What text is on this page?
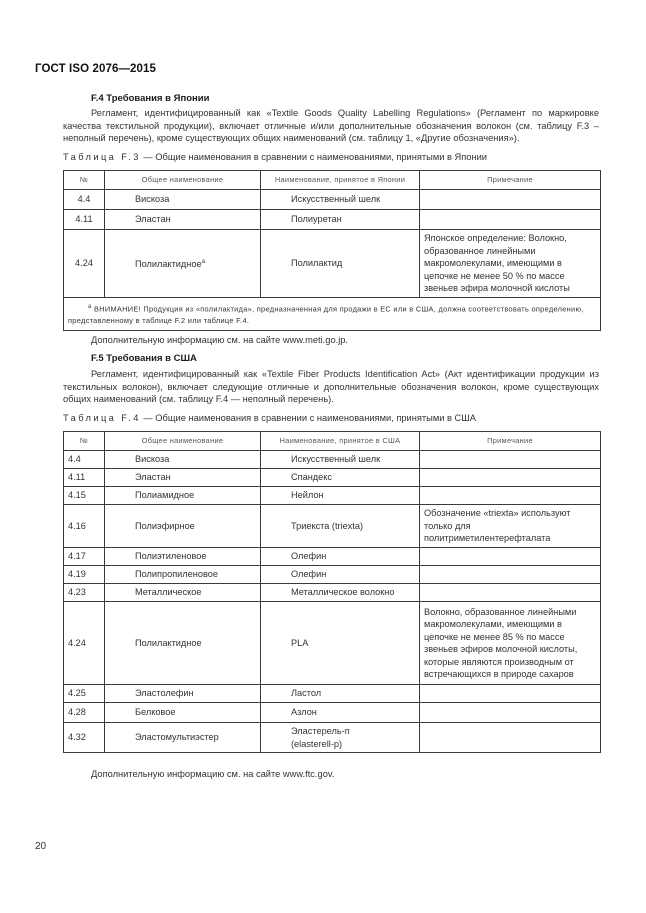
ГОСТ ISO 2076—2015
F.4 Требования в Японии
Регламент, идентифицированный как «Textile Goods Quality Labelling Regulations» (Регламент по маркировке качества текстильной продукции), включает отличные и/или дополнительные обозначения волокон (см. таблицу F.3 – неполный перечень), кроме существующих общих наименований (см. таблицу 1, «Другие обозначения»).
Таблица F.3 — Общие наименования в сравнении с наименованиями, принятыми в Японии
№	Общее наименование	Наименование, принятое в Японии	Примечание
4.4	Вискоза	Искусственный шелк	
4.11	Эластан	Полиуретан	
4.24	Полилактидное$^a$	Полилактид	Японское определение: Волокно, образованное линейными макромолекулами, имеющими в цепочке не менее 50 % по массе звеньев эфира молочной кислоты
$^a$ ВНИМАНИЕ! Продукция из «полилактида», предназначенная для продажи в ЕС или в США, должна соответствовать определению, представленному в таблице F.2 или таблице F.4.			
Дополнительную информацию см. на сайте www.meti.go.jp.
F.5 Требования в США
Регламент, идентифицированный как «Textile Fiber Products Identification Act» (Акт идентификации продукции из текстильных волокон), включает следующие отличные и дополнительные обозначения волокон, кроме существующих общих наименований (см. таблицу F.4 — неполный перечень).
Таблица F.4 — Общие наименования в сравнении с наименованиями, принятыми в США
№	Общее наименование	Наименование, принятое в США	Примечание
4.4	Вискоза	Искусственный шелк	
4.11	Эластан	Спандекс	
4.15	Полиамидное	Нейлон	
4.16	Полиэфирное	Триекста (triexta)	Обозначение «triexta» используют только для политриметилентерефталата
4.17	Полиэтиленовое	Олефин	
4.19	Полипропиленовое	Олефин	
4.23	Металлическое	Металлическое волокно	
4.24	Полилактидное	PLA	Волокно, образованное линейными макромолекулами, имеющими в цепочке не менее 85 % по массе звеньев эфиров молочной кислоты, которые являются производным от встречающихся в природе сахаров
4.25	Эластолефин	Ластол	
4.28	Белковое	Азлон	
4.32	Эластомультиэстер	Эластерель-п (elasterell-p)	
Дополнительную информацию см. на сайте www.ftc.gov.
20
